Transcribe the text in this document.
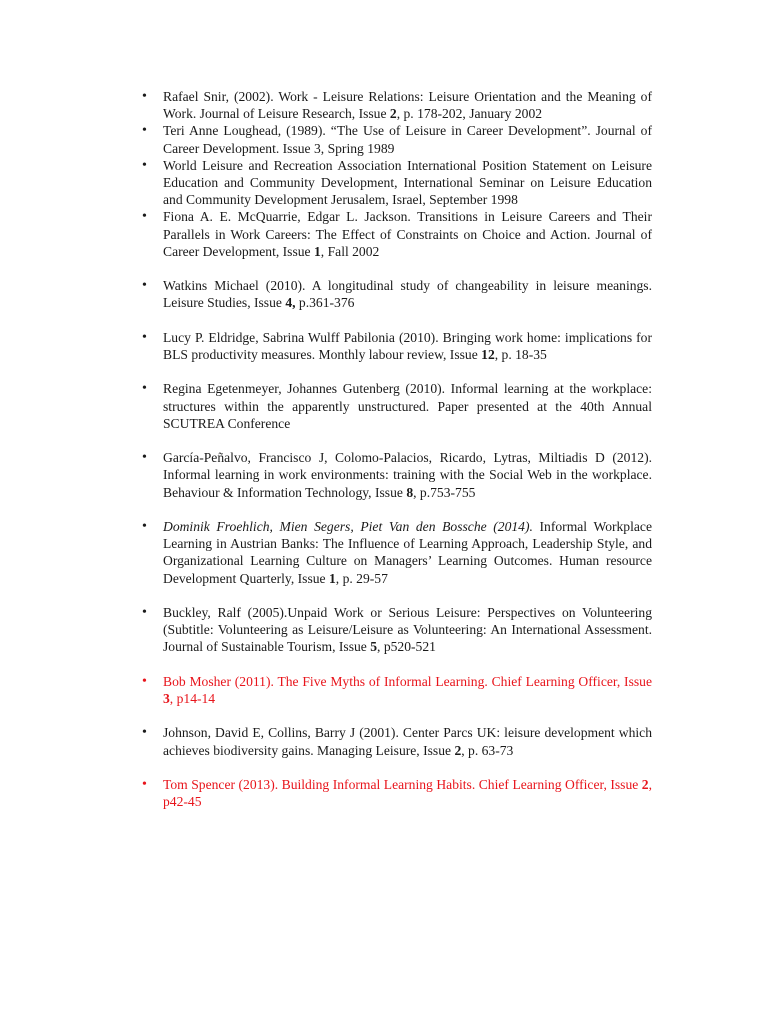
• Rafael Snir, (2002). Work - Leisure Relations: Leisure Orientation and the Meaning of Work. Journal of Leisure Research, Issue 2, p. 178-202, January 2002
• Teri Anne Loughead, (1989). “The Use of Leisure in Career Development”. Journal of Career Development. Issue 3, Spring 1989
• World Leisure and Recreation Association International Position Statement on Leisure Education and Community Development, International Seminar on Leisure Education and Community Development Jerusalem, Israel, September 1998
• Fiona A. E. McQuarrie, Edgar L. Jackson. Transitions in Leisure Careers and Their Parallels in Work Careers: The Effect of Constraints on Choice and Action. Journal of Career Development, Issue 1, Fall 2002
• Watkins Michael (2010). A longitudinal study of changeability in leisure meanings. Leisure Studies, Issue 4, p.361-376
• Lucy P. Eldridge, Sabrina Wulff Pabilonia (2010). Bringing work home: implications for BLS productivity measures. Monthly labour review, Issue 12, p. 18-35
• Regina Egetenmeyer, Johannes Gutenberg (2010). Informal learning at the workplace: structures within the apparently unstructured. Paper presented at the 40th Annual SCUTREA Conference
• García-Peñalvo, Francisco J, Colomo-Palacios, Ricardo, Lytras, Miltiadis D (2012). Informal learning in work environments: training with the Social Web in the workplace. Behaviour & Information Technology, Issue 8, p.753-755
• Dominik Froehlich, Mien Segers, Piet Van den Bossche (2014). Informal Workplace Learning in Austrian Banks: The Influence of Learning Approach, Leadership Style, and Organizational Learning Culture on Managers’ Learning Outcomes. Human resource Development Quarterly, Issue 1, p. 29-57
• Buckley, Ralf (2005).Unpaid Work or Serious Leisure: Perspectives on Volunteering (Subtitle: Volunteering as Leisure/Leisure as Volunteering: An International Assessment. Journal of Sustainable Tourism, Issue 5, p520-521
• Bob Mosher (2011). The Five Myths of Informal Learning. Chief Learning Officer, Issue 3, p14-14
• Johnson, David E, Collins, Barry J (2001). Center Parcs UK: leisure development which achieves biodiversity gains. Managing Leisure, Issue 2, p. 63-73
• Tom Spencer (2013). Building Informal Learning Habits. Chief Learning Officer, Issue 2, p42-45
